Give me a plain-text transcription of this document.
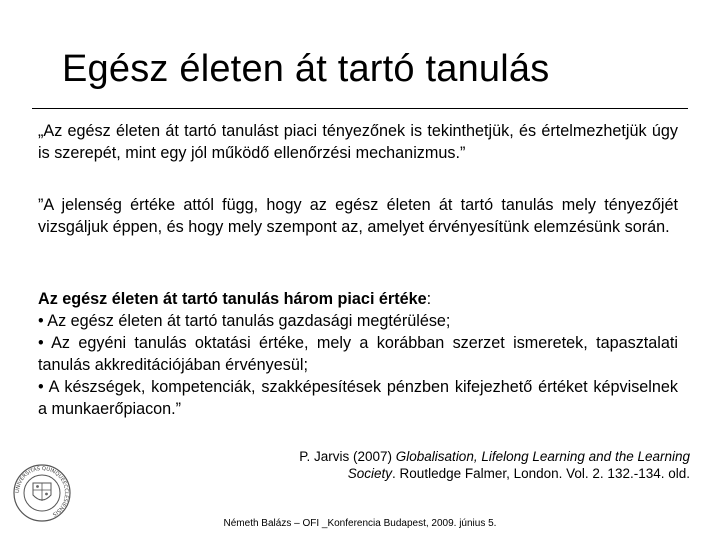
Egész életen át tartó tanulás

„Az egész életen át tartó tanulást piaci tényezőnek is tekinthetjük, és értelmezhetjük úgy is szerepét, mint egy jól működő ellenőrzési mechanizmus.”

”A jelenség értéke attól függ, hogy az egész életen át tartó tanulás mely tényezőjét vizsgáljuk éppen, és hogy mely szempont az, amelyet érvényesítünk elemzésünk során.

Az egész életen át tartó tanulás három piaci értéke:
• Az egész életen át tartó tanulás gazdasági megtérülése;
• Az egyéni tanulás oktatási értéke, mely a korábban szerzet ismeretek, tapasztalati tanulás akkreditációjában érvényesül;
• A készségek, kompetenciák, szakképesítések pénzben kifejezhető értéket képviselnek a munkaerőpiacon.”
P. Jarvis (2007) Globalisation, Lifelong Learning and the Learning Society. Routledge Falmer, London. Vol. 2. 132.-134. old.
UNIVERSITAS QUINQUEECCLESIENSIS
Németh Balázs – OFI _Konferencia Budapest, 2009. június 5.
